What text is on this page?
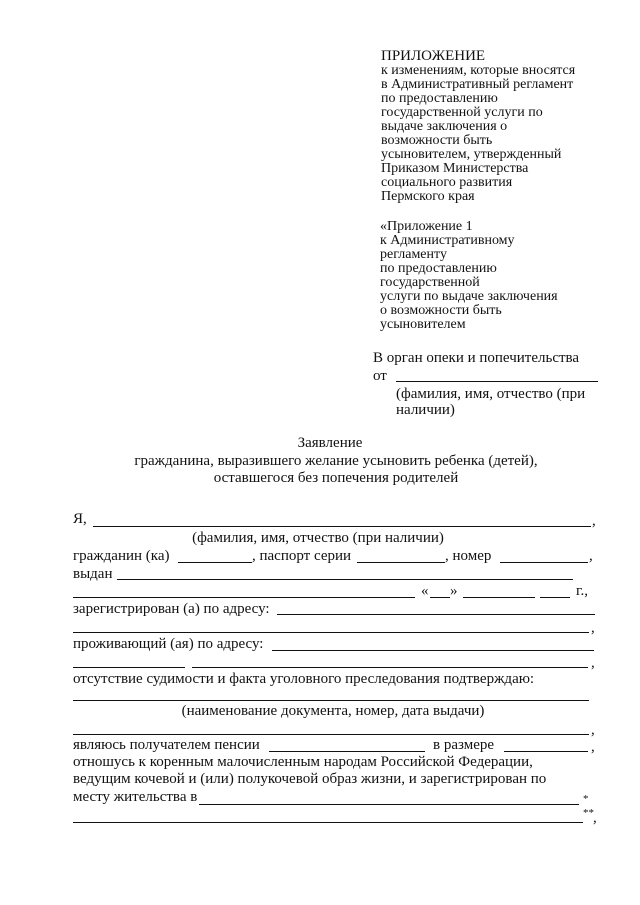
ПРИЛОЖЕНИЕ
к изменениям, которые вносятся
в Административный регламент
по предоставлению
государственной услуги по
выдаче заключения о
возможности быть
усыновителем, утвержденный
Приказом Министерства
социального развития
Пермского края
«Приложение 1
к Административному
регламенту
по предоставлению
государственной
услуги по выдаче заключения
о возможности быть
усыновителем
В орган опеки и попечительства
от
(фамилия, имя, отчество (при
наличии)
Заявление
гражданина, выразившего желание усыновить ребенка (детей),
оставшегося без попечения родителей
Я,	,
(фамилия, имя, отчество (при наличии)
гражданин (ка)	, паспорт серии	, номер	,
выдан
« »	г.,
зарегистрирован (а) по адресу:
,
проживающий (ая) по адресу:
,
отсутствие судимости и факта уголовного преследования подтверждаю:
(наименование документа, номер, дата выдачи)
,
являюсь получателем пенсии	в размере	,
отношусь к коренным малочисленным народам Российской Федерации,
ведущим кочевой и (или) полукочевой образ жизни, и зарегистрирован по
месту жительства в	*
** ,
